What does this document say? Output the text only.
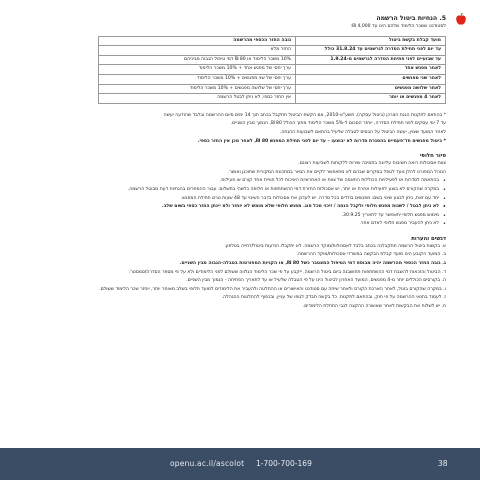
5. הנחיות ביטול הרשמה

לסטודנט ששכר הלימוד שלהם הינו עד 4,000 ₪:

מועד קבלת בקשת ביטול	גובה החזר הכספי מהרשמה
עד יום לפני תחילת הסדרה לגרשמים עד 31.8.24 כולל	החזר מלא
עד שבועיים לפני פתיחת הסדרה לגרשמים מ-1.9.24	10% משכר הלימוד או 80 ₪ דמי טיפול הגבוה מביניהם
לאחר מפגש אחד	ערך יחסי של מפגש אחד + 10% משכר הלימוד
לאחר שני מפגשים	ערך יחסי של שני מפגשים + 10% משכר הלימוד
לאחר שלושה מפגשים	ערך יחסי של שלושה מפגשים + 10% משכר הלימוד
לאחר 4 מפגשים או יותר	אין החזר כספי, לא ניתן לבטל הרשמה

* בהתאם לתקנות הגנת הצרכן (ביטול עסקה), תשע"א-2010, אם הקשת הביטול תתקבל בכתב תוך 14 ימים מיום ההרשמה ובלבד שהודעה יעשה

עד 7 ימי עסקים לפני תחילת הסדרה, יוחזר הסכום ל-5% משכר הלימוד מתוך הכולל 80 ₪, הנמוך מבין השניים.

לאחר המועד שצוין, יעשה הביטול על הבסיס לטבלה שלעיל בהתאם לשבועות ההנחה.

* ביטול מפגשים חד־פעמיים בהסגרת סדרות לא יבוצעו – עד יום לפני תחילת המפגש 80 ₪, לאחר מכן אין החזר כספי.

סיור חלופי

צוות אסכולות רואה חשיבות עליונה בתמיכה שירות ללקוחות לשביעות רצונם.

הנוהל המפורט להלן נועד לטפל במקרים שבהם לא מתאפשר לקיים את הסיור במתכונת המקורית שתוכנן ואושר.

• בהתאמה לסדרות או לפעילויות הכוללות התאמה של צוות או האחראיות האיכות לכל חוויית אחד קורס או פעילות.
• במקרה שהקורס לא בוצע לפעילות אחרת או יותר, יש אסכולות החזרת דמי ההשתתפות או חלופה כלשהי בתשלום. עבור ההמחרים בהנחיות דעת מבוטל הרשמה.
• יחד עם זאת, ניתן לבצע שינוי בשם: מפגשים בודדים בכל סדרה. יש לעדכן את אסכולות בדבר השינוי עד 48 שעות טרם תחילת המפגש.
• לא ניתן לבטל / לשנות מפגש חלופי ולקבל הנחה / זיכוי מכל סוג. מפגש חלופי שלא מומש לא יוחזר ולא יינתן החזר כספי בשום שלב.
• מימוש מפגש חלופי יתאפשר עד לתאריך 30.9.25.
• לא ניתן להעביר מפגש חלופי לאדם אחר.
דגשים והערות

א. בקשות ביטול הרשמה תתקבלנה בכתב בלבד לאסכולות/מוקד הרשמה. לא יתקבלו הודעות ביטול/דחייה בטלפון.

ב. המועד הקובע הינו מועד קבלת הבקשה במשרדי אסכולות/מוקד ההרשמה.

ג. גובה החזר הכספי מהרשמה יהיה מבוסס דמי הטיפול המצטבר כשל 80 ₪, או הקניות המפורטות בטבלה-הגבוה מבין השניים.

ד. הביטול והזכאות להשבת דמי ההשתתפות תחושבנה ביום ביטול הרשמה. ייקבע על פי שכר הלימוד הנלווה ששולם לפני הלימודים ולא על פי מספר הסדרה/סמסטר.

ה. בקורסים הכוללים יותר מ-4 מפגשים, המועד האחרון לביטול הינו על פי הטבלה שלעיל או עד לתאריך הפתיחה - הנמוך מבין השניים.

ו. במקרה שהקורס בוטל, לאחר הארכת הקורס ולאחר שיחה עם סטודנט והאישורים או ההחלטה ולהעביר את הלימודים למועד חלופי בשלב מאוחר יותר, יוחזר שכר הלימוד ששולם.

ז. לעמוד בתנאי ההרשמה על פי חוק, ובהתאם לתקנות. כל בקשה תבדק לגופו של עניין, ובכפוף להחלטות ההנהלה.

ח. יש לשלוח את הבקשות לאחר שאושרה ההקצה לגבי התחלת הלימודים.

openu.ac.il/ascolot 1-700-700-169	38
